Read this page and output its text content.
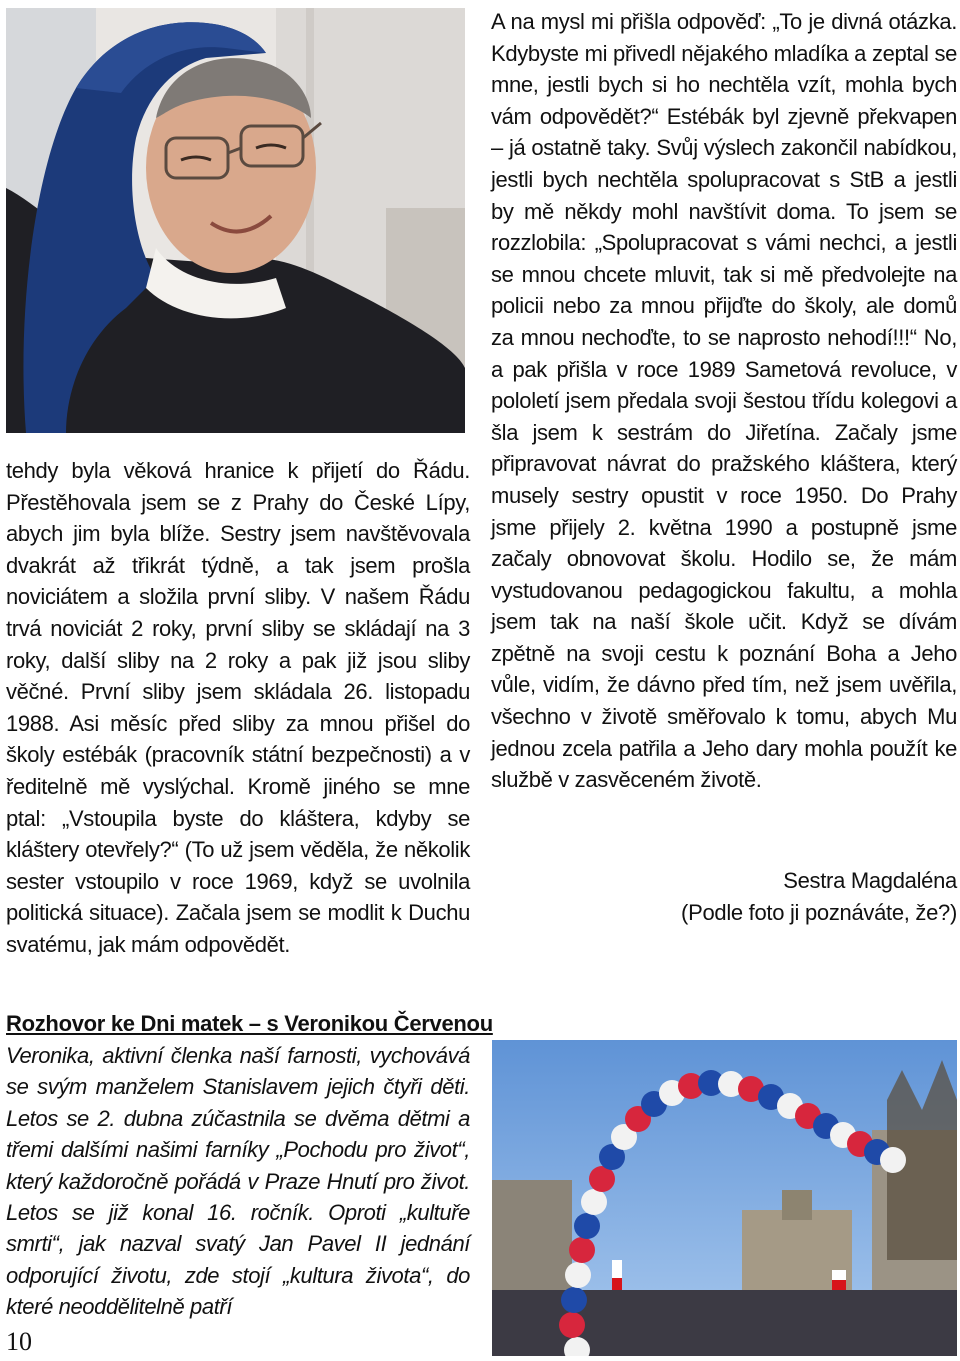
tehdy byla věková hranice k přijetí do Řádu. Přestěhovala jsem se z Prahy do České Lípy, abych jim byla blíže. Sestry jsem navštěvovala dvakrát až třikrát týdně, a tak jsem prošla noviciátem a složila první sliby. V našem Řádu trvá noviciát 2 roky, první sliby se skládají na 3 roky, další sliby na 2 roky a pak již jsou sliby věčné. První sliby jsem skládala 26. listopadu 1988. Asi měsíc před sliby za mnou přišel do školy estébák (pracovník státní bezpečnosti) a v ředitelně mě vyslýchal. Kromě jiného se mne ptal: „Vstoupila byste do kláštera, kdyby se kláštery otevřely?“ (To už jsem věděla, že několik sester vstoupilo v roce 1969, když se uvolnila politická situace). Začala jsem se modlit k Duchu svatému, jak mám odpovědět.

A na mysl mi přišla odpověď: „To je divná otázka. Kdybyste mi přivedl nějakého mladíka a zeptal se mne, jestli bych si ho nechtěla vzít, mohla bych vám odpovědět?“ Estébák byl zjevně překvapen – já ostatně taky. Svůj výslech zakončil nabídkou, jestli bych nechtěla spolupracovat s StB a jestli by mě někdy mohl navštívit doma. To jsem se rozzlobila: „Spolupracovat s vámi nechci, a jestli se mnou chcete mluvit, tak si mě předvolejte na policii nebo za mnou přijďte do školy, ale domů za mnou nechoďte, to se naprosto nehodí!!!“ No, a pak přišla v roce 1989 Sametová revoluce, v pololetí jsem předala svoji šestou třídu kolegovi a šla jsem k sestrám do Jiřetína. Začaly jsme připravovat návrat do pražského kláštera, který musely sestry opustit v roce 1950. Do Prahy jsme přijely 2. května 1990 a postupně jsme začaly obnovovat školu. Hodilo se, že mám vystudovanou pedagogickou fakultu, a mohla jsem tak na naší škole učit. Když se dívám zpětně na svoji cestu k poznání Boha a Jeho vůle, vidím, že dávno před tím, než jsem uvěřila, všechno v životě směřovalo k tomu, abych Mu jednou zcela patřila a Jeho dary mohla použít ke službě v zasvěceném životě.

Sestra Magdaléna
(Podle foto ji poznáváte, že?)
Rozhovor ke Dni matek – s Veronikou Červenou

Veronika, aktivní členka naší farnosti, vychovává se svým manželem Stanislavem jejich čtyři děti. Letos se 2. dubna zúčastnila se dvěma dětmi a třemi dalšími našimi farníky „Pochodu pro život“, který každoročně pořádá v Praze Hnutí pro život. Letos se již konal 16. ročník. Oproti „kultuře smrti“, jak nazval svatý Jan Pavel II jednání odporující životu, zde stojí „kultura života“, do které neoddělitelně patří

10
